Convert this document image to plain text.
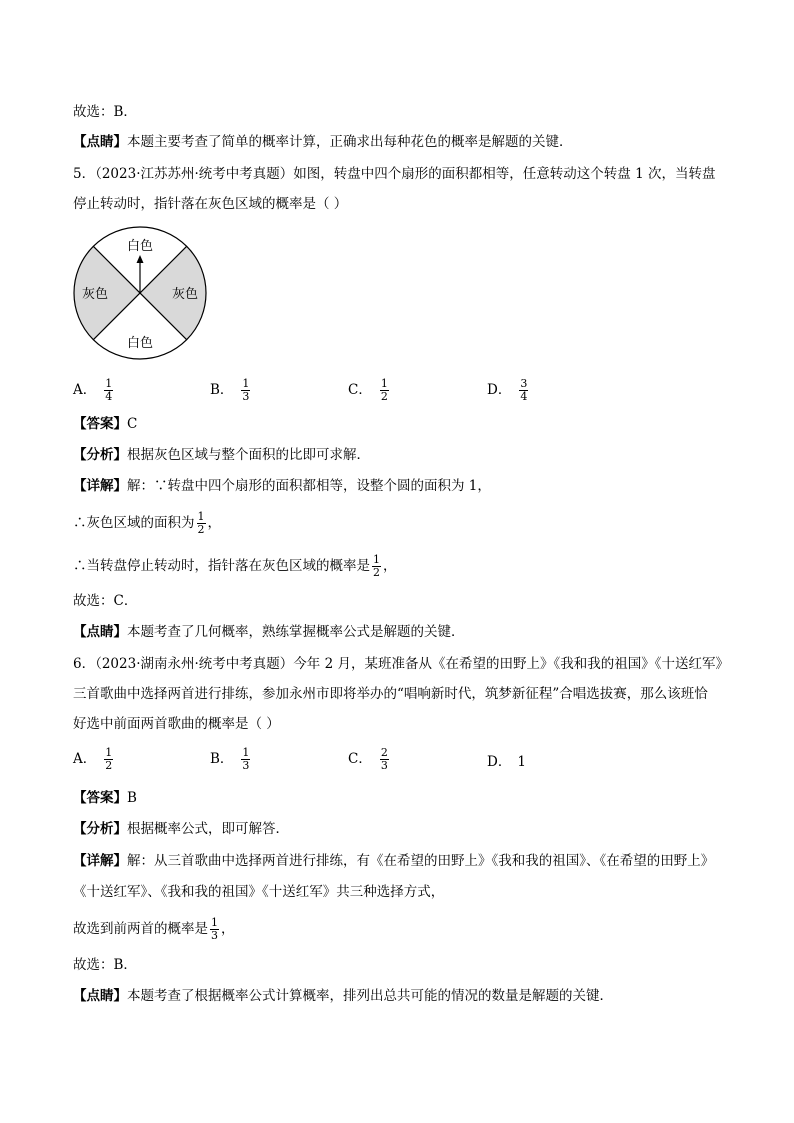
故选：B．
【点睛】本题主要考查了简单的概率计算，正确求出每种花色的概率是解题的关键．
5．（2023·江苏苏州·统考中考真题）如图，转盘中四个扇形的面积都相等，任意转动这个转盘 1 次，当转盘
停止转动时，指针落在灰色区域的概率是（ ）
白色
白色
灰色	灰色
A． $\frac{1}{4}$	B． $\frac{1}{3}$	C． $\frac{1}{2}$	D． $\frac{3}{4}$
【答案】C
【分析】根据灰色区域与整个面积的比即可求解．
【详解】解：∵转盘中四个扇形的面积都相等，设整个圆的面积为 1，
∴灰色区域的面积为 $\frac{1}{2}$ ，
∴当转盘停止转动时，指针落在灰色区域的概率是 $\frac{1}{2}$ ，
故选：C．
【点睛】本题考查了几何概率，熟练掌握概率公式是解题的关键．
6．（2023·湖南永州·统考中考真题）今年 2 月，某班准备从《在希望的田野上》《我和我的祖国》《十送红军》
三首歌曲中选择两首进行排练，参加永州市即将举办的“唱响新时代，筑梦新征程”合唱选拔赛，那么该班恰
好选中前面两首歌曲的概率是（ ）
A． $\frac{1}{2}$	B． $\frac{1}{3}$	C． $\frac{2}{3}$	D． 1
【答案】B
【分析】根据概率公式，即可解答．
【详解】解：从三首歌曲中选择两首进行排练，有《在希望的田野上》《我和我的祖国》、《在希望的田野上》
《十送红军》、《我和我的祖国》《十送红军》共三种选择方式，
故选到前两首的概率是 $\frac{1}{3}$ ，
故选：B．
【点睛】本题考查了根据概率公式计算概率，排列出总共可能的情况的数量是解题的关键．
